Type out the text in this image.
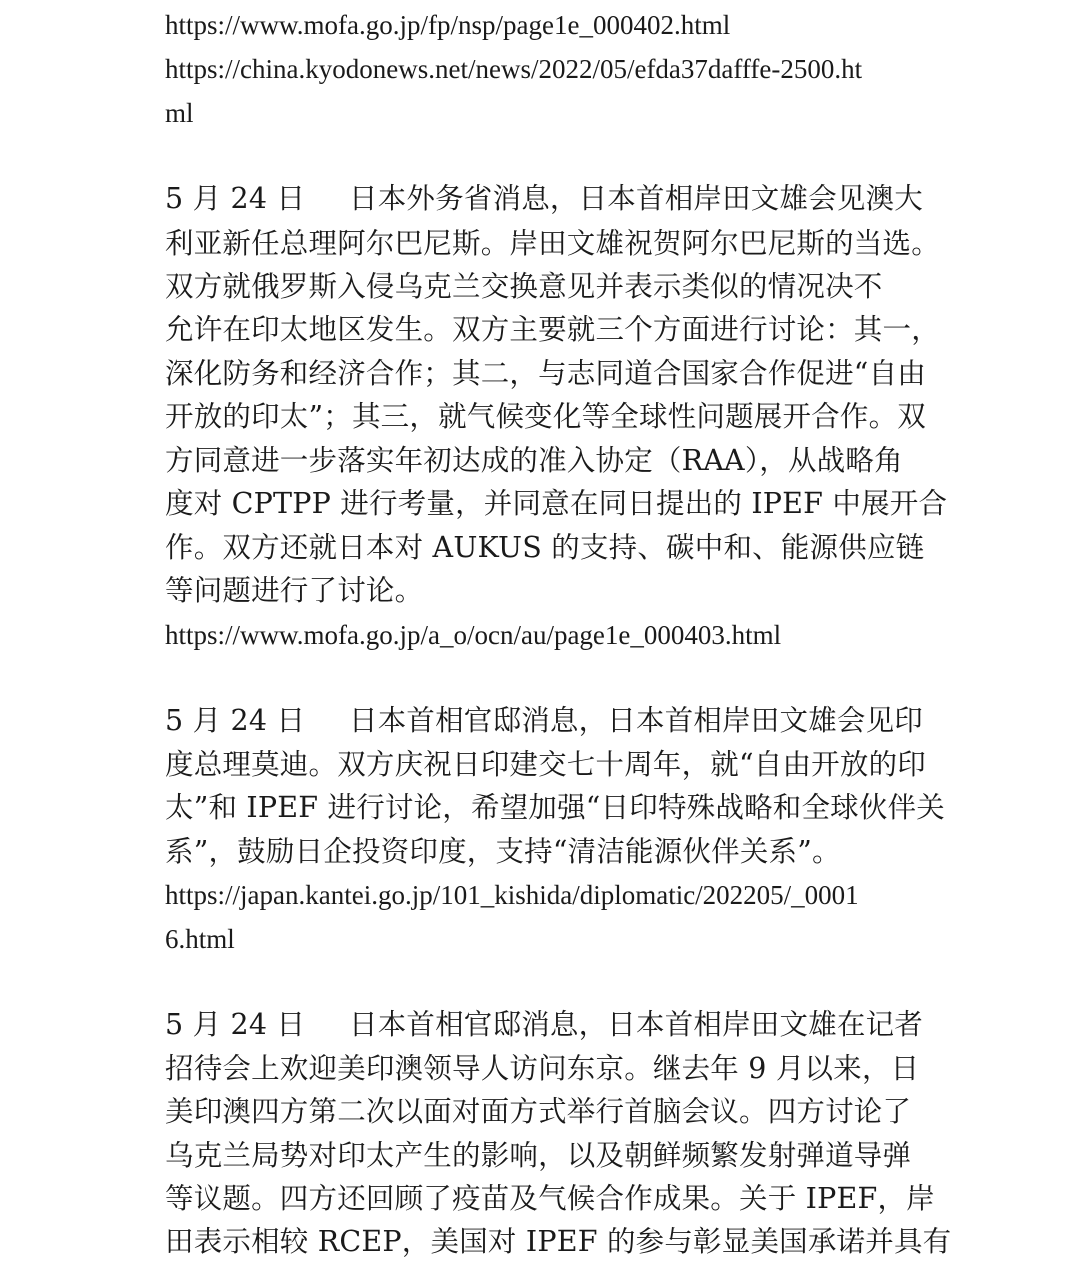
https://www.mofa.go.jp/fp/nsp/page1e_000402.html
https://china.kyodonews.net/news/2022/05/efda37dafffe-2500.ht
ml
5 月 24 日 日本外务省消息，日本首相岸田文雄会见澳大
利亚新任总理阿尔巴尼斯。岸田文雄祝贺阿尔巴尼斯的当选。
双方就俄罗斯入侵乌克兰交换意见并表示类似的情况决不
允许在印太地区发生。双方主要就三个方面进行讨论：其一，
深化防务和经济合作；其二，与志同道合国家合作促进“自由
开放的印太”；其三，就气候变化等全球性问题展开合作。双
方同意进一步落实年初达成的准入协定（RAA），从战略角
度对 CPTPP 进行考量，并同意在同日提出的 IPEF 中展开合
作。双方还就日本对 AUKUS 的支持、碳中和、能源供应链
等问题进行了讨论。
https://www.mofa.go.jp/a_o/ocn/au/page1e_000403.html
5 月 24 日 日本首相官邸消息，日本首相岸田文雄会见印
度总理莫迪。双方庆祝日印建交七十周年，就“自由开放的印
太”和 IPEF 进行讨论，希望加强“日印特殊战略和全球伙伴关
系”，鼓励日企投资印度，支持“清洁能源伙伴关系”。
https://japan.kantei.go.jp/101_kishida/diplomatic/202205/_0001
6.html
5 月 24 日 日本首相官邸消息，日本首相岸田文雄在记者
招待会上欢迎美印澳领导人访问东京。继去年 9 月以来，日
美印澳四方第二次以面对面方式举行首脑会议。四方讨论了
乌克兰局势对印太产生的影响，以及朝鲜频繁发射弹道导弹
等议题。四方还回顾了疫苗及气候合作成果。关于 IPEF，岸
田表示相较 RCEP，美国对 IPEF 的参与彰显美国承诺并具有
